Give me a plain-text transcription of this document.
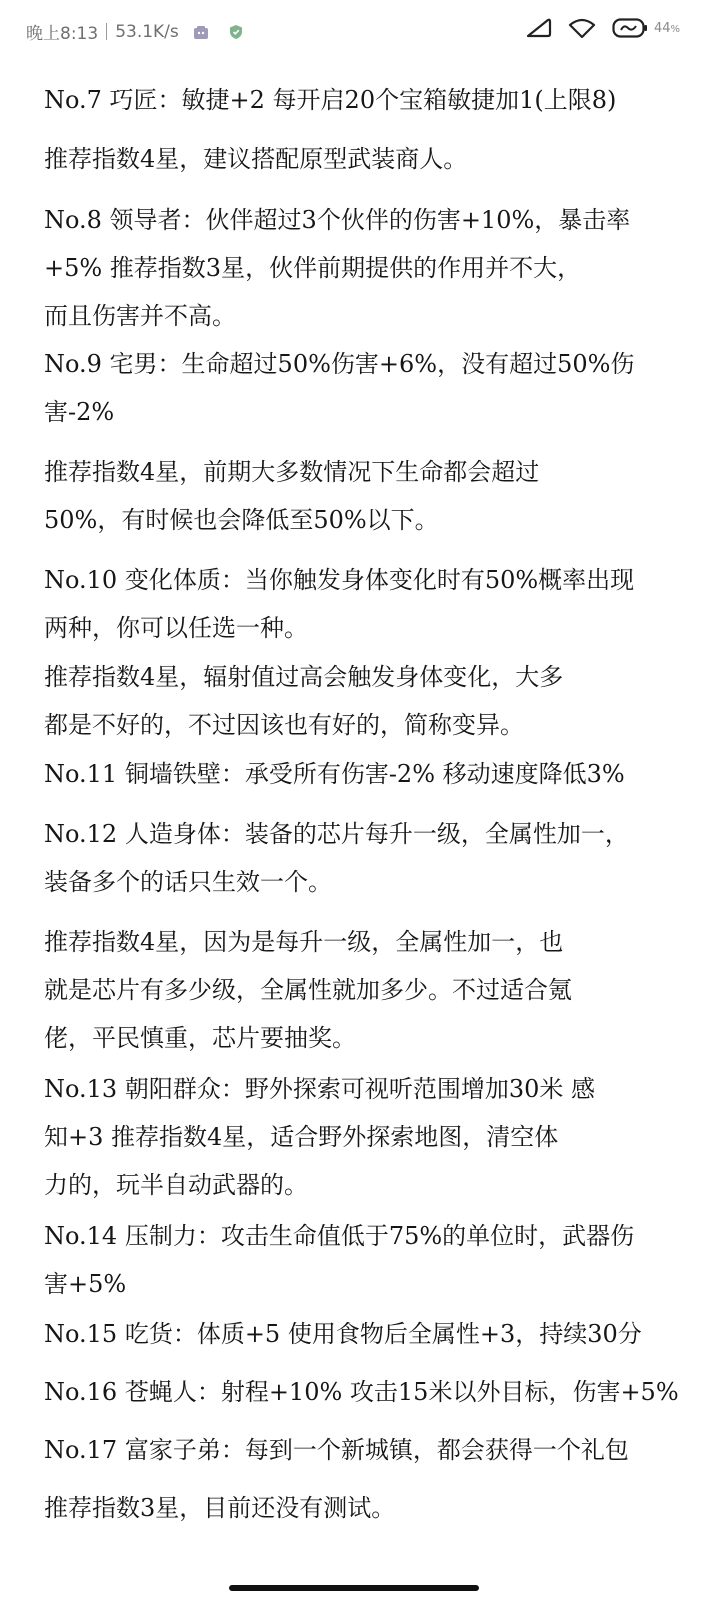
晚上8:13 53.1K/s	44%
No.7 巧匠：敏捷+2 每开启20个宝箱敏捷加1(上限8)
推荐指数4星，建议搭配原型武装商人。
No.8 领导者：伙伴超过3个伙伴的伤害+10%，暴击率
+5% 推荐指数3星，伙伴前期提供的作用并不大，
而且伤害并不高。
No.9 宅男：生命超过50%伤害+6%，没有超过50%伤
害-2%
推荐指数4星，前期大多数情况下生命都会超过
50%，有时候也会降低至50%以下。
No.10 变化体质：当你触发身体变化时有50%概率出现
两种，你可以任选一种。
推荐指数4星，辐射值过高会触发身体变化，大多
都是不好的，不过因该也有好的，简称变异。
No.11 铜墙铁壁：承受所有伤害-2% 移动速度降低3%
No.12 人造身体：装备的芯片每升一级，全属性加一，
装备多个的话只生效一个。
推荐指数4星，因为是每升一级，全属性加一，也
就是芯片有多少级，全属性就加多少。不过适合氪
佬，平民慎重，芯片要抽奖。
No.13 朝阳群众：野外探索可视听范围增加30米 感
知+3 推荐指数4星，适合野外探索地图，清空体
力的，玩半自动武器的。
No.14 压制力：攻击生命值低于75%的单位时，武器伤
害+5%
No.15 吃货：体质+5 使用食物后全属性+3，持续30分
No.16 苍蝇人：射程+10% 攻击15米以外目标，伤害+5%
No.17 富家子弟：每到一个新城镇，都会获得一个礼包
推荐指数3星，目前还没有测试。
